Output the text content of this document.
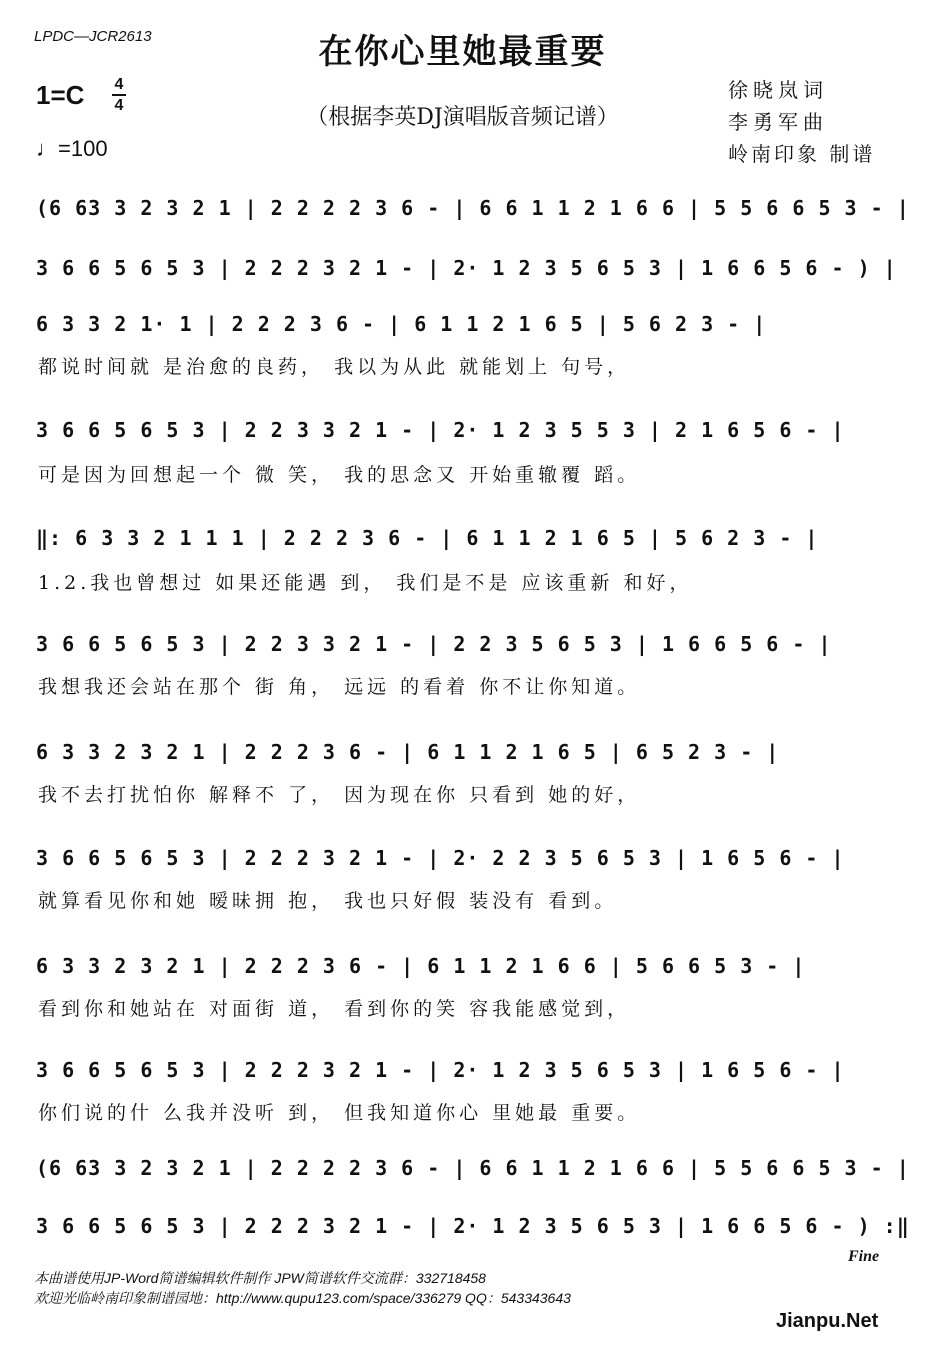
LPDC—JCR2613	在你心里她最重要
（根据李英DJ演唱版音频记谱）
1=C 4
4
♩=100
徐晓岚词
李勇军曲
岭南印象 制谱
(6 63 3 2 3 2 1 | 2 2 2 2 3 6 - | 6 6 1 1 2 1 6 6 | 5 5 6 6 5 3 - |
3 6 6 5 6 5 3 | 2 2 2 3 2 1 - | 2· 1 2 3 5 6 5 3 | 1 6 6 5 6 - ) |
6 3 3 2 1· 1 | 2 2 2 3 6 - | 6 1 1 2 1 6 5 | 5 6 2 3 - |
都说时间就 是治愈的良药， 我以为从此 就能划上 句号，
3 6 6 5 6 5 3 | 2 2 3 3 2 1 - | 2· 1 2 3 5 5 3 | 2 1 6 5 6 - |
可是因为回想起一个 微 笑， 我的思念又 开始重辙覆 蹈。
‖: 6 3 3 2 1 1 1 | 2 2 2 3 6 - | 6 1 1 2 1 6 5 | 5 6 2 3 - |
1.2.我也曾想过 如果还能遇 到， 我们是不是 应该重新 和好，
3 6 6 5 6 5 3 | 2 2 3 3 2 1 - | 2 2 3 5 6 5 3 | 1 6 6 5 6 - |
我想我还会站在那个 街 角， 远远 的看着 你不让你知道。
6 3 3 2 3 2 1 | 2 2 2 3 6 - | 6 1 1 2 1 6 5 | 6 5 2 3 - |
我不去打扰怕你 解释不 了， 因为现在你 只看到 她的好，
3 6 6 5 6 5 3 | 2 2 2 3 2 1 - | 2· 2 2 3 5 6 5 3 | 1 6 5 6 - |
就算看见你和她 暧昧拥 抱， 我也只好假 装没有 看到。
6 3 3 2 3 2 1 | 2 2 2 3 6 - | 6 1 1 2 1 6 6 | 5 6 6 5 3 - |
看到你和她站在 对面街 道， 看到你的笑 容我能感觉到，
3 6 6 5 6 5 3 | 2 2 2 3 2 1 - | 2· 1 2 3 5 6 5 3 | 1 6 5 6 - |
你们说的什 么我并没听 到， 但我知道你心 里她最 重要。
(6 63 3 2 3 2 1 | 2 2 2 2 3 6 - | 6 6 1 1 2 1 6 6 | 5 5 6 6 5 3 - |
3 6 6 5 6 5 3 | 2 2 2 3 2 1 - | 2· 1 2 3 5 6 5 3 | 1 6 6 5 6 - ) :‖
Fine
本曲谱使用JP-Word简谱编辑软件制作 JPW简谱软件交流群：332718458
欢迎光临岭南印象制谱园地：http://www.qupu123.com/space/336279 QQ：543343643
Jianpu.Net
